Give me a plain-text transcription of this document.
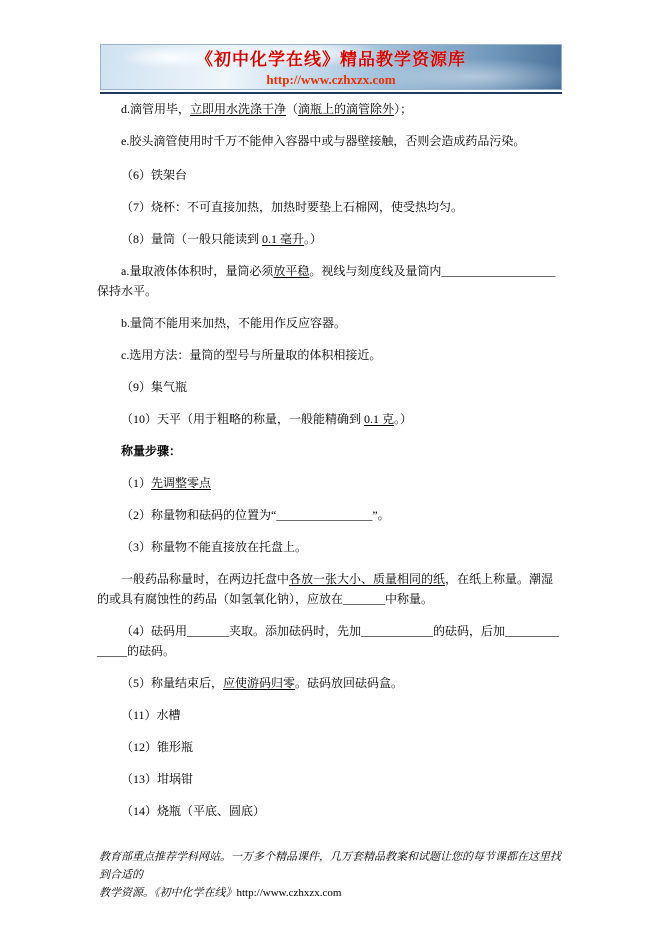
《初中化学在线》精品教学资源库
http://www.czhxzx.com

d.滴管用毕，立即用水洗涤干净（滴瓶上的滴管除外）；

e.胶头滴管使用时千万不能伸入容器中或与器壁接触，否则会造成药品污染。

（6）铁架台

（7）烧杯：不可直接加热，加热时要垫上石棉网，使受热均匀。

（8）量筒（一般只能读到 0.1 毫升。）

a.量取液体体积时，量筒必须放平稳。视线与刻度线及量筒内___________________保持水平。

b.量筒不能用来加热，不能用作反应容器。

c.选用方法：量筒的型号与所量取的体积相接近。

（9）集气瓶

（10）天平（用于粗略的称量，一般能精确到 0.1 克。）

称量步骤：

（1）先调整零点

（2）称量物和砝码的位置为“________________”。

（3）称量物不能直接放在托盘上。

一般药品称量时，在两边托盘中各放一张大小、质量相同的纸，在纸上称量。潮湿的或具有腐蚀性的药品（如氢氧化钠），应放在_______中称量。

（4）砝码用_______夹取。添加砝码时，先加____________的砝码，后加______________的砝码。

（5）称量结束后，应使游码归零。砝码放回砝码盒。

（11）水槽

（12）锥形瓶

（13）坩埚钳

（14）烧瓶（平底、圆底）

教育部重点推荐学科网站。一万多个精品课件，几万套精品教案和试题让您的每节课都在这里找到合适的
教学资源。《初中化学在线》http://www.czhxzx.com
